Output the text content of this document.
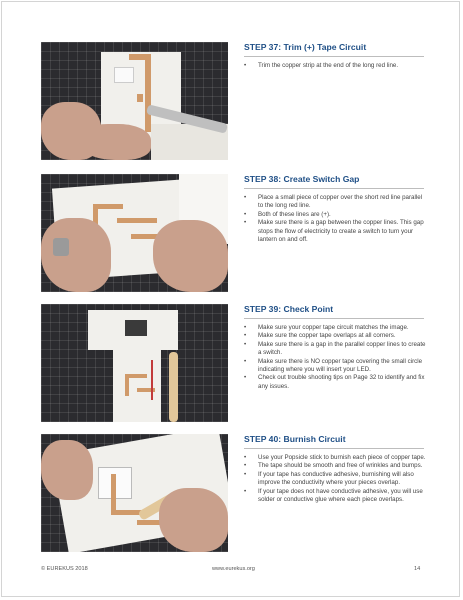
STEP 37: Trim (+) Tape Circuit
• Trim the copper strip at the end of the long red line.
STEP 38: Create Switch Gap
• Place a small piece of copper over the short red line parallel to the long red line.
• Both of these lines are (+).
• Make sure there is a gap between the copper lines. This gap stops the flow of electricity to create a switch to turn your lantern on and off.
STEP 39: Check Point
• Make sure your copper tape circuit matches the image.
• Make sure the copper tape overlaps at all corners.
• Make sure there is a gap in the parallel copper lines to create a switch.
• Make sure there is NO copper tape covering the small circle indicating where you will insert your LED.
• Check out trouble shooting tips on Page 32 to identify and fix any issues.
STEP 40: Burnish Circuit
• Use your Popsicle stick to burnish each piece of copper tape.
• The tape should be smooth and free of wrinkles and bumps.
• If your tape has conductive adhesive, burnishing will also improve the conductivity where your pieces overlap.
• If your tape does not have conductive adhesive, you will use solder or conductive glue where each piece overlaps.
© EUREKUS 2018	www.eurekus.org	14
